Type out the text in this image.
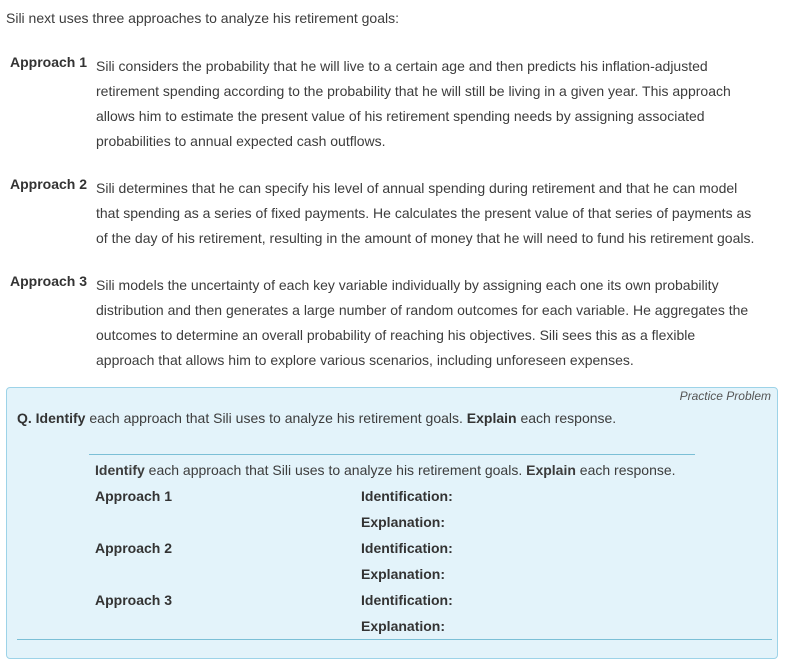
Sili next uses three approaches to analyze his retirement goals:
Approach 1 Sili considers the probability that he will live to a certain age and then predicts his inflation-adjusted
retirement spending according to the probability that he will still be living in a given year. This approach
allows him to estimate the present value of his retirement spending needs by assigning associated
probabilities to annual expected cash outflows.
Approach 2 Sili determines that he can specify his level of annual spending during retirement and that he can model
that spending as a series of fixed payments. He calculates the present value of that series of payments as
of the day of his retirement, resulting in the amount of money that he will need to fund his retirement goals.
Approach 3 Sili models the uncertainty of each key variable individually by assigning each one its own probability
distribution and then generates a large number of random outcomes for each variable. He aggregates the
outcomes to determine an overall probability of reaching his objectives. Sili sees this as a flexible
approach that allows him to explore various scenarios, including unforeseen expenses.
Practice Problem
Q. Identify each approach that Sili uses to analyze his retirement goals. Explain each response.
Identify each approach that Sili uses to analyze his retirement goals. Explain each response.
Approach 1	Identification:
Explanation:
Approach 2	Identification:
Explanation:
Approach 3	Identification:
Explanation:
